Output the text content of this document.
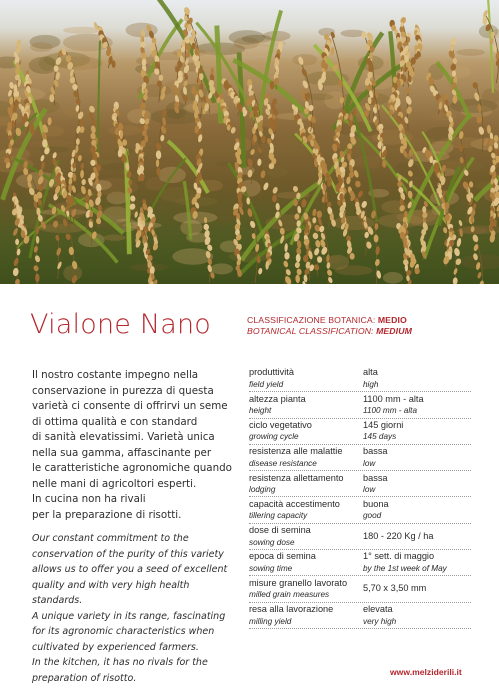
Vialone Nano	CLASSIFICAZIONE BOTANICA: MEDIO
BOTANICAL CLASSIFICATION: MEDIUM
Il nostro costante impegno nella
conservazione in purezza di questa
varietà ci consente di offrirvi un seme
di ottima qualità e con standard
di sanità elevatissimi. Varietà unica
nella sua gamma, affascinante per
le caratteristiche agronomiche quando
nelle mani di agricoltori esperti.
In cucina non ha rivali
per la preparazione di risotti.
Our constant commitment to the
conservation of the purity of this variety
allows us to offer you a seed of excellent
quality and with very high health standards.
A unique variety in its range, fascinating
for its agronomic characteristics when
cultivated by experienced farmers.
In the kitchen, it has no rivals for the
preparation of risotto.
produttività
field yield
alta
high
altezza pianta
height
1100 mm - alta
1100 mm - alta
ciclo vegetativo
growing cycle
145 giorni
145 days
resistenza alle malattie
disease resistance
bassa
low
resistenza allettamento
lodging
bassa
low
capacità accestimento
tillering capacity
buona
good
dose di semina
sowing dose
180 - 220 Kg / ha
epoca di semina
sowing time
1° sett. di maggio
by the 1st week of May
misure granello lavorato
milled grain measures
5,70 x 3,50 mm
resa alla lavorazione
milling yield
elevata
very high
www.melziderili.it
